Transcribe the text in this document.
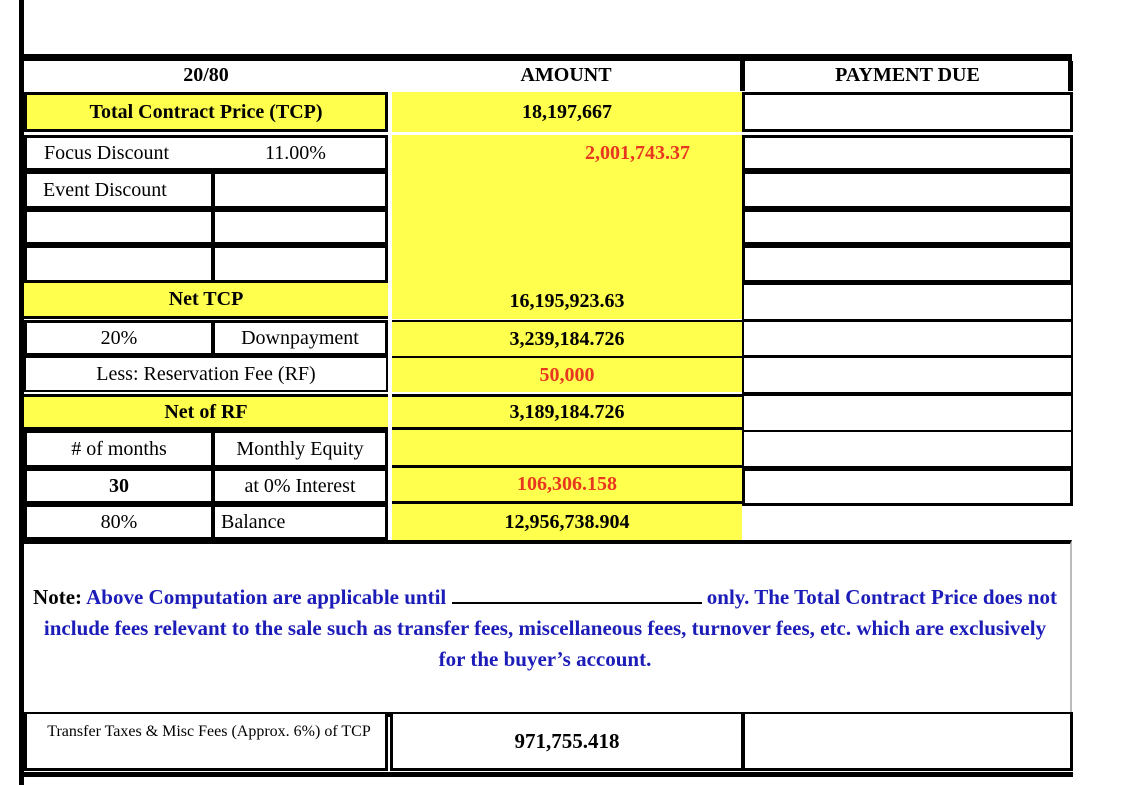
20/80	AMOUNT	PAYMENT DUE
Total Contract Price (TCP)	18,197,667
Focus Discount	11.00%	2,001,743.37
Event Discount
Net TCP	16,195,923.63
20%	Downpayment	3,239,184.726
Less: Reservation Fee (RF)	50,000
Net of RF	3,189,184.726
# of months	Monthly Equity
30	at 0% Interest	106,306.158
80%	Balance	12,956,738.904
Note: Above Computation are applicable until	only. The Total Contract Price does not include fees relevant to the sale such as transfer fees, miscellaneous fees, turnover fees, etc. which are exclusively for the buyer’s account.
Transfer Taxes & Misc Fees (Approx. 6%) of TCP	971,755.418
